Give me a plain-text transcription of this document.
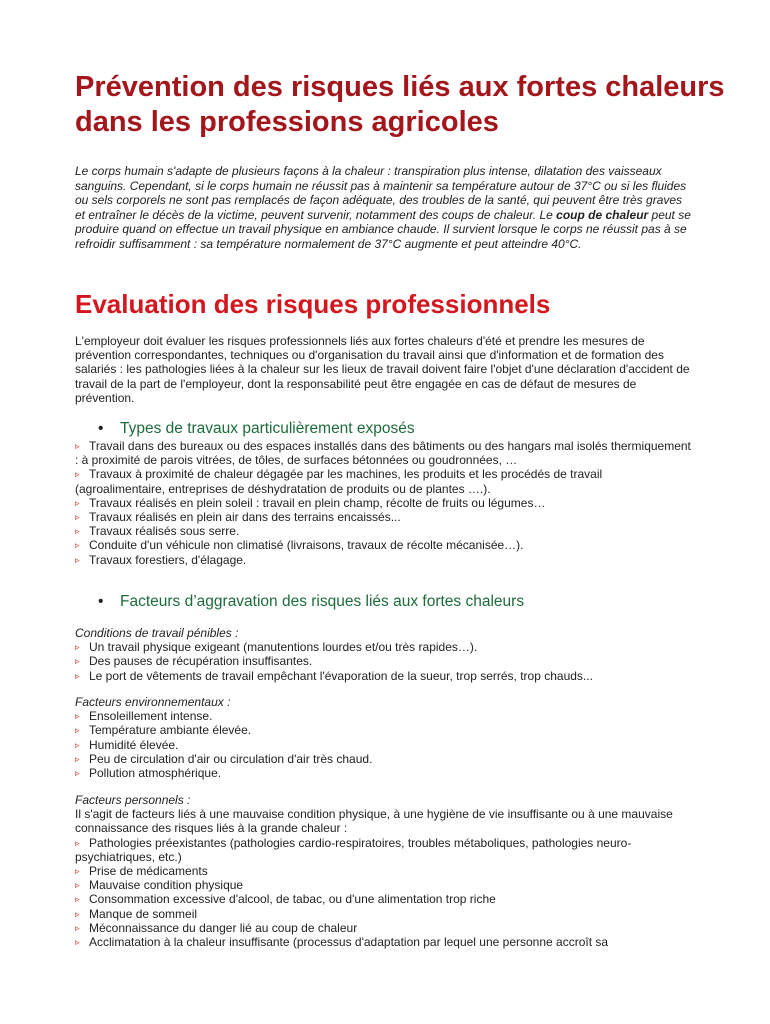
Prévention des risques liés aux fortes chaleurs dans les professions agricoles

Le corps humain s'adapte de plusieurs façons à la chaleur : transpiration plus intense, dilatation des vaisseaux sanguins. Cependant, si le corps humain ne réussit pas à maintenir sa température autour de 37°C ou si les fluides ou sels corporels ne sont pas remplacés de façon adéquate, des troubles de la santé, qui peuvent être très graves et entraîner le décès de la victime, peuvent survenir, notamment des coups de chaleur. Le coup de chaleur peut se produire quand on effectue un travail physique en ambiance chaude. Il survient lorsque le corps ne réussit pas à se refroidir suffisamment : sa température normalement de 37°C augmente et peut atteindre 40°C.

Evaluation des risques professionnels

L'employeur doit évaluer les risques professionnels liés aux fortes chaleurs d'été et prendre les mesures de prévention correspondantes, techniques ou d'organisation du travail ainsi que d'information et de formation des salariés : les pathologies liées à la chaleur sur les lieux de travail doivent faire l'objet d'une déclaration d'accident de travail de la part de l'employeur, dont la responsabilité peut être engagée en cas de défaut de mesures de prévention.

• Types de travaux particulièrement exposés

▹ Travail dans des bureaux ou des espaces installés dans des bâtiments ou des hangars mal isolés thermiquement : à proximité de parois vitrées, de tôles, de surfaces bétonnées ou goudronnées, …
▹ Travaux à proximité de chaleur dégagée par les machines, les produits et les procédés de travail (agroalimentaire, entreprises de déshydratation de produits ou de plantes ….).
▹ Travaux réalisés en plein soleil : travail en plein champ, récolte de fruits ou légumes…
▹ Travaux réalisés en plein air dans des terrains encaissés...
▹ Travaux réalisés sous serre.
▹ Conduite d'un véhicule non climatisé (livraisons, travaux de récolte mécanisée…).
▹ Travaux forestiers, d'élagage.

• Facteurs d’aggravation des risques liés aux fortes chaleurs

Conditions de travail pénibles :
▹ Un travail physique exigeant (manutentions lourdes et/ou très rapides…).
▹ Des pauses de récupération insuffisantes.
▹ Le port de vêtements de travail empêchant l'évaporation de la sueur, trop serrés, trop chauds...
Facteurs environnementaux :
▹ Ensoleillement intense.
▹ Température ambiante élevée.
▹ Humidité élevée.
▹ Peu de circulation d'air ou circulation d'air très chaud.
▹ Pollution atmosphérique.
Facteurs personnels :
Il s'agit de facteurs liés à une mauvaise condition physique, à une hygiène de vie insuffisante ou à une mauvaise connaissance des risques liés à la grande chaleur :
▹ Pathologies préexistantes (pathologies cardio-respiratoires, troubles métaboliques, pathologies neuro-psychiatriques, etc.)
▹ Prise de médicaments
▹ Mauvaise condition physique
▹ Consommation excessive d'alcool, de tabac, ou d'une alimentation trop riche
▹ Manque de sommeil
▹ Méconnaissance du danger lié au coup de chaleur
▹ Acclimatation à la chaleur insuffisante (processus d'adaptation par lequel une personne accroît sa
